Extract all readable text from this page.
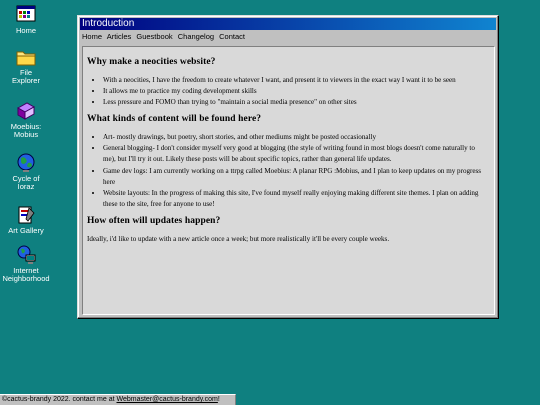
Home
File
Explorer
Moebius:
Mobius
Cycle of
Ioraz
Art Gallery
Internet
Neighborhood
Introduction
Home Articles Guestbook Changelog Contact
Why make a neocities website?
• With a neocities, I have the freedom to create whatever I want, and present it to viewers in the exact way I want it to be seen
• It allows me to practice my coding development skills
• Less pressure and FOMO than trying to "maintain a social media presence" on other sites
What kinds of content will be found here?
• Art- mostly drawings, but poetry, short stories, and other mediums might be posted occasionally
• General blogging- I don't consider myself very good at blogging (the style of writing found in most blogs doesn't come naturally to me), but I'll try it out. Likely these posts will be about specific topics, rather than general life updates.
• Game dev logs: I am currently working on a ttrpg called Moebius: A planar RPG :Mobius, and I plan to keep updates on my progress here
• Website layouts: In the progress of making this site, I've found myself really enjoying making different site themes. I plan on adding these to the site, free for anyone to use!
How often will updates happen?

Ideally, i'd like to update with a new article once a week; but more realistically it'll be every couple weeks.

©cactus-brandy 2022. contact me at Webmaster@cactus-brandy.com!
